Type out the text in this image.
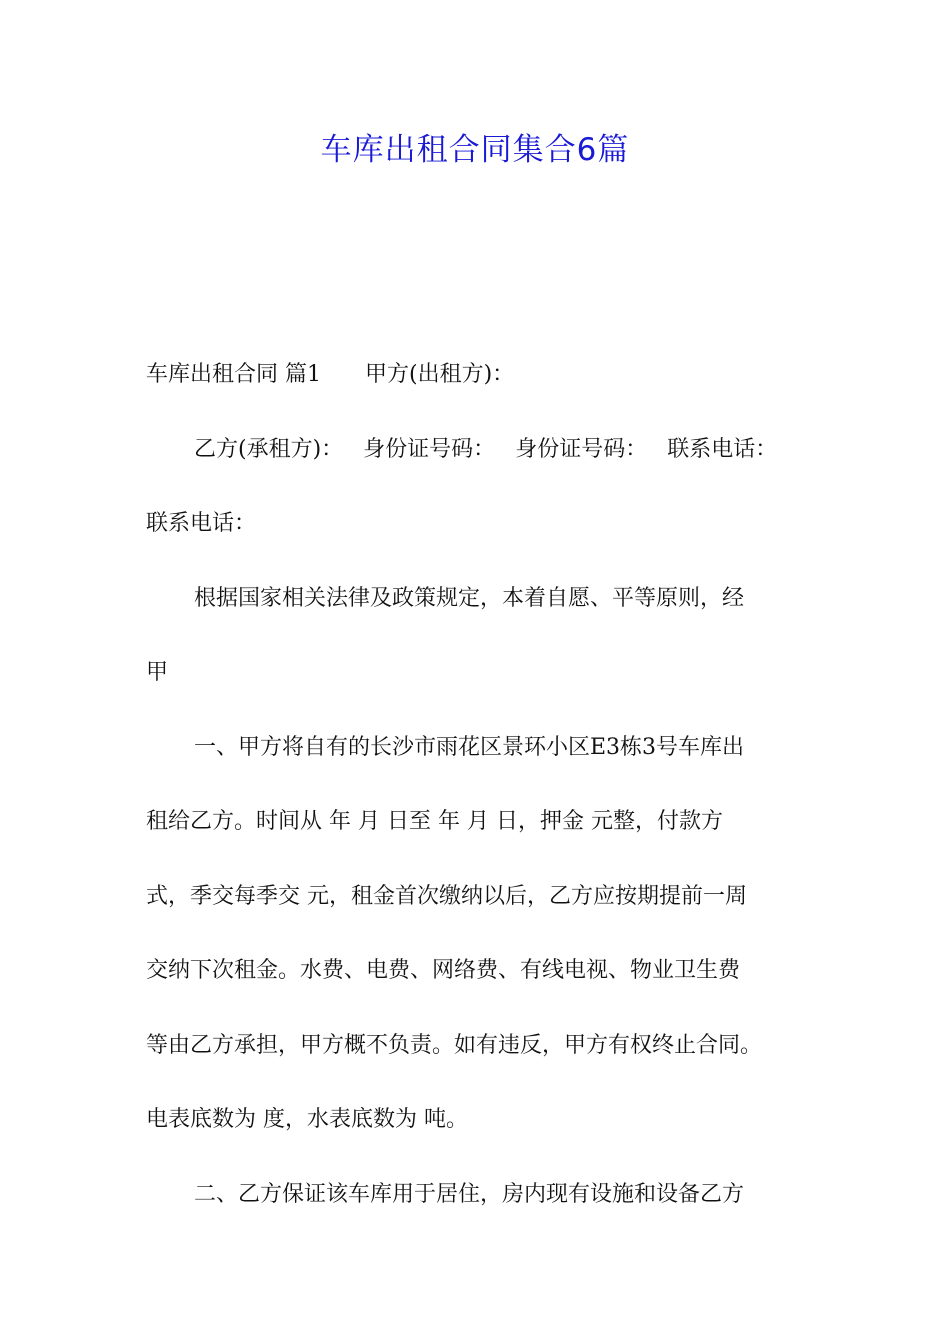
车库出租合同集合6篇
车库出租合同 篇1 甲方(出租方)：
乙方(承租方)： 身份证号码： 身份证号码： 联系电话：
联系电话：
根据国家相关法律及政策规定，本着自愿、平等原则，经
甲
一、甲方将自有的长沙市雨花区景环小区E3栋3号车库出
租给乙方。时间从 年 月 日至 年 月 日，押金 元整，付款方
式，季交每季交 元，租金首次缴纳以后，乙方应按期提前一周
交纳下次租金。水费、电费、网络费、有线电视、物业卫生费
等由乙方承担，甲方概不负责。如有违反，甲方有权终止合同。
电表底数为 度，水表底数为 吨。
二、乙方保证该车库用于居住，房内现有设施和设备乙方
